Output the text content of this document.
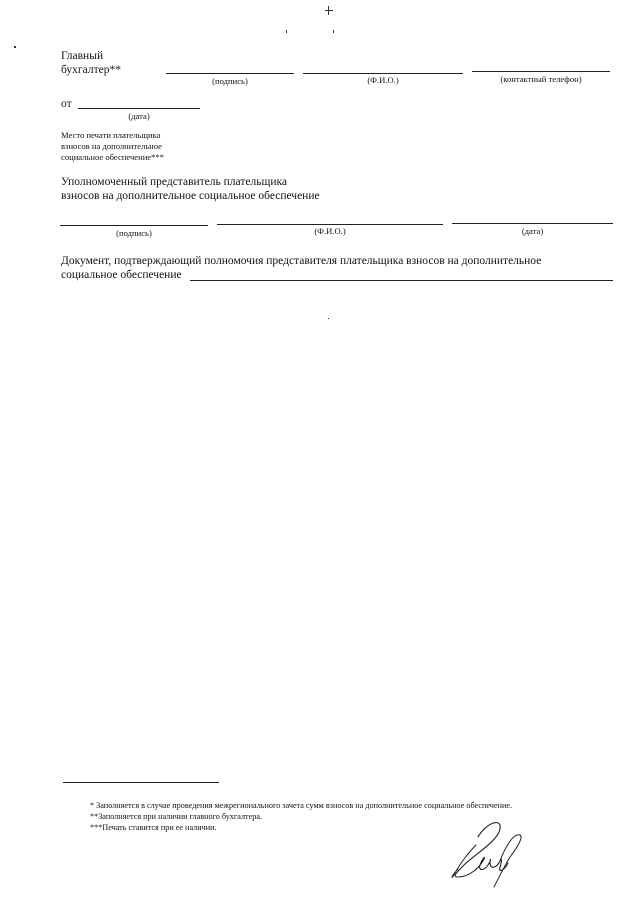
Главный
бухгалтер**
(подпись)	(Ф.И.О.)	(контактный телефон)
от
(дата)
Место печати плательщика
взносов на дополнительное
социальное обеспечение***
Уполномоченный представитель плательщика
взносов на дополнительное социальное обеспечение
(подпись)	(Ф.И.О.)	(дата)
Документ, подтверждающий полномочия представителя плательщика взносов на дополнительное
социальное обеспечение
* Заполняется в случае проведения межрегионального зачета сумм взносов на дополнительное социальное обеспечение.
**Заполняется при наличии главного бухгалтера.
***Печать ставится при ее наличии.
